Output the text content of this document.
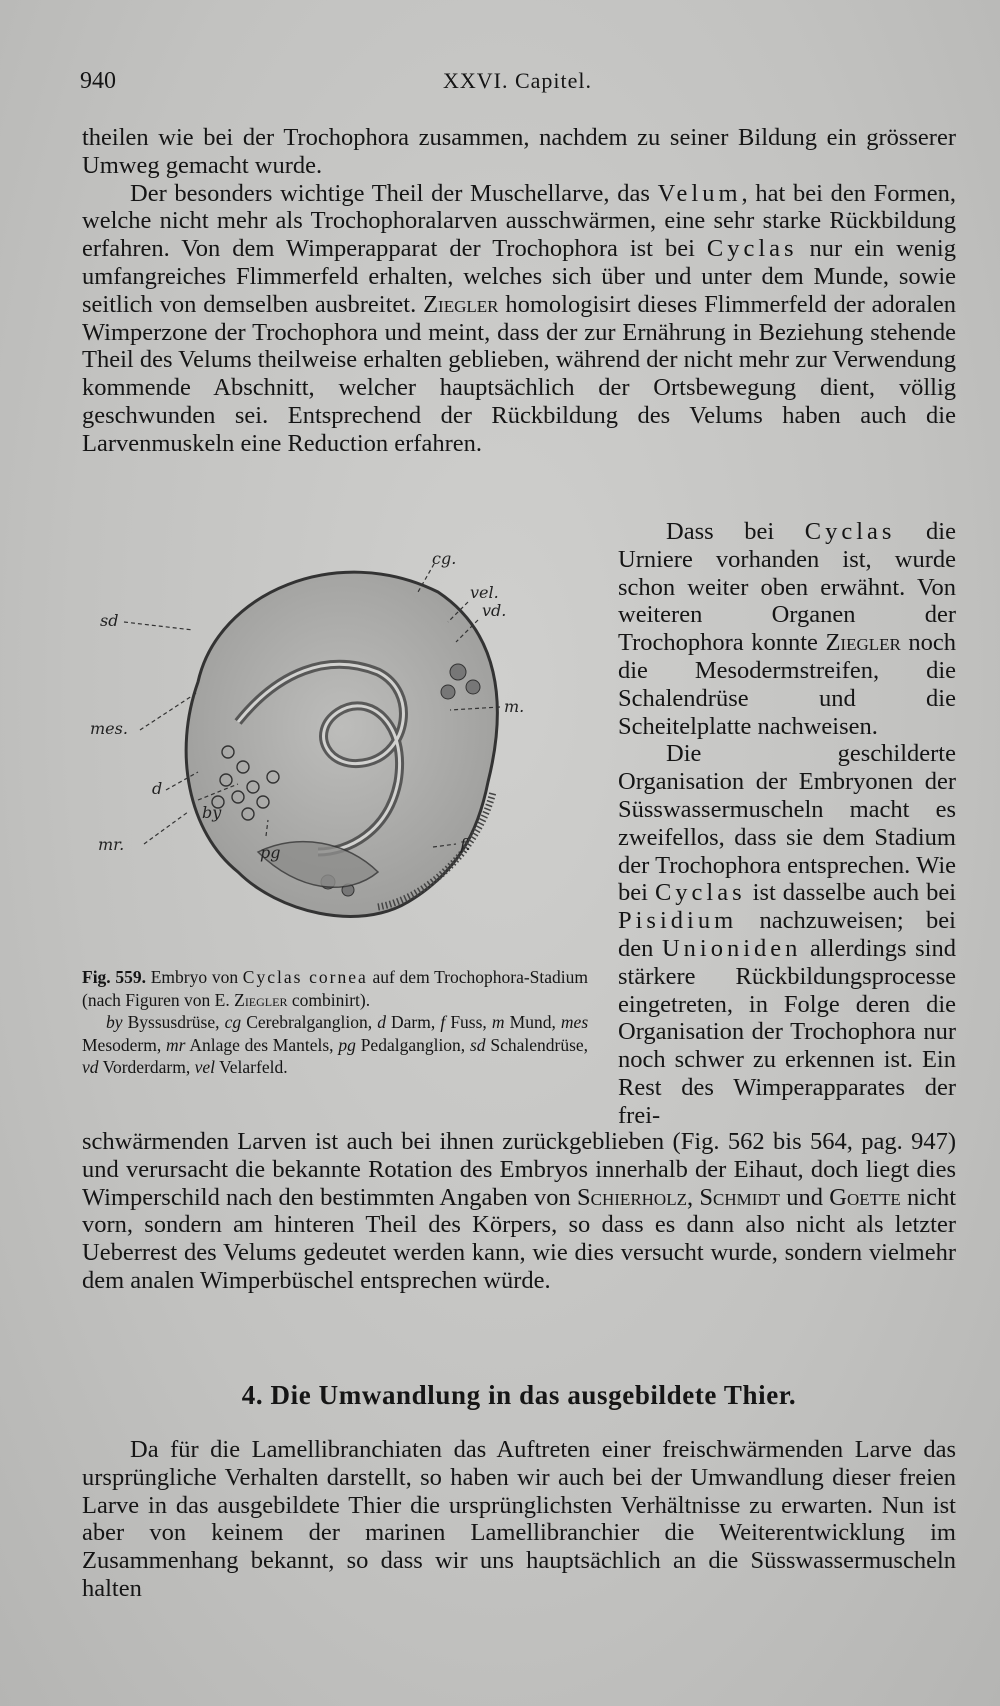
940	XXVI. Capitel.

theilen wie bei der Trochophora zusammen, nachdem zu seiner Bildung ein grösserer Umweg gemacht wurde.

Der besonders wichtige Theil der Muschellarve, das Velum, hat bei den Formen, welche nicht mehr als Trochophoralarven ausschwärmen, eine sehr starke Rückbildung erfahren. Von dem Wimperapparat der Trochophora ist bei Cyclas nur ein wenig umfangreiches Flimmerfeld erhalten, welches sich über und unter dem Munde, sowie seitlich von demselben ausbreitet. Ziegler homologisirt dieses Flimmerfeld der adoralen Wimperzone der Trochophora und meint, dass der zur Ernährung in Beziehung stehende Theil des Velums theilweise erhalten geblieben, während der nicht mehr zur Verwendung kommende Abschnitt, welcher hauptsächlich der Ortsbewegung dient, völlig geschwunden sei. Entsprechend der Rückbildung des Velums haben auch die Larvenmuskeln eine Reduction erfahren.

Dass bei Cyclas die Urniere vorhanden ist, wurde schon weiter oben erwähnt. Von weiteren Organen der Trochophora konnte Ziegler noch die Mesodermstreifen, die Schalendrüse und die Scheitelplatte nachweisen.

Die geschilderte Organisation der Embryonen der Süsswassermuscheln macht es zweifellos, dass sie dem Stadium der Trochophora entsprechen. Wie bei Cyclas ist dasselbe auch bei Pisidium nachzuweisen; bei den Unioniden allerdings sind stärkere Rückbildungsprocesse eingetreten, in Folge deren die Organisation der Trochophora nur noch schwer zu erkennen ist. Ein Rest des Wimperapparates der frei-

cg.
vel.
vd.
sd
m.
mes.
d
by
f.
mr.	pg
Fig. 559. Embryo von Cyclas cornea auf dem Trochophora-Stadium (nach Figuren von E. Ziegler combinirt).
by Byssusdrüse, cg Cerebralganglion, d Darm, f Fuss, m Mund, mes Mesoderm, mr Anlage des Mantels, pg Pedalganglion, sd Schalendrüse, vd Vorderdarm, vel Velarfeld.

schwärmenden Larven ist auch bei ihnen zurückgeblieben (Fig. 562 bis 564, pag. 947) und verursacht die bekannte Rotation des Embryos innerhalb der Eihaut, doch liegt dies Wimperschild nach den bestimmten Angaben von Schierholz, Schmidt und Goette nicht vorn, sondern am hinteren Theil des Körpers, so dass es dann also nicht als letzter Ueberrest des Velums gedeutet werden kann, wie dies versucht wurde, sondern vielmehr dem analen Wimperbüschel entsprechen würde.

4. Die Umwandlung in das ausgebildete Thier.

Da für die Lamellibranchiaten das Auftreten einer freischwärmenden Larve das ursprüngliche Verhalten darstellt, so haben wir auch bei der Umwandlung dieser freien Larve in das ausgebildete Thier die ursprünglichsten Verhältnisse zu erwarten. Nun ist aber von keinem der marinen Lamellibranchier die Weiterentwicklung im Zusammenhang bekannt, so dass wir uns hauptsächlich an die Süsswassermuscheln halten
